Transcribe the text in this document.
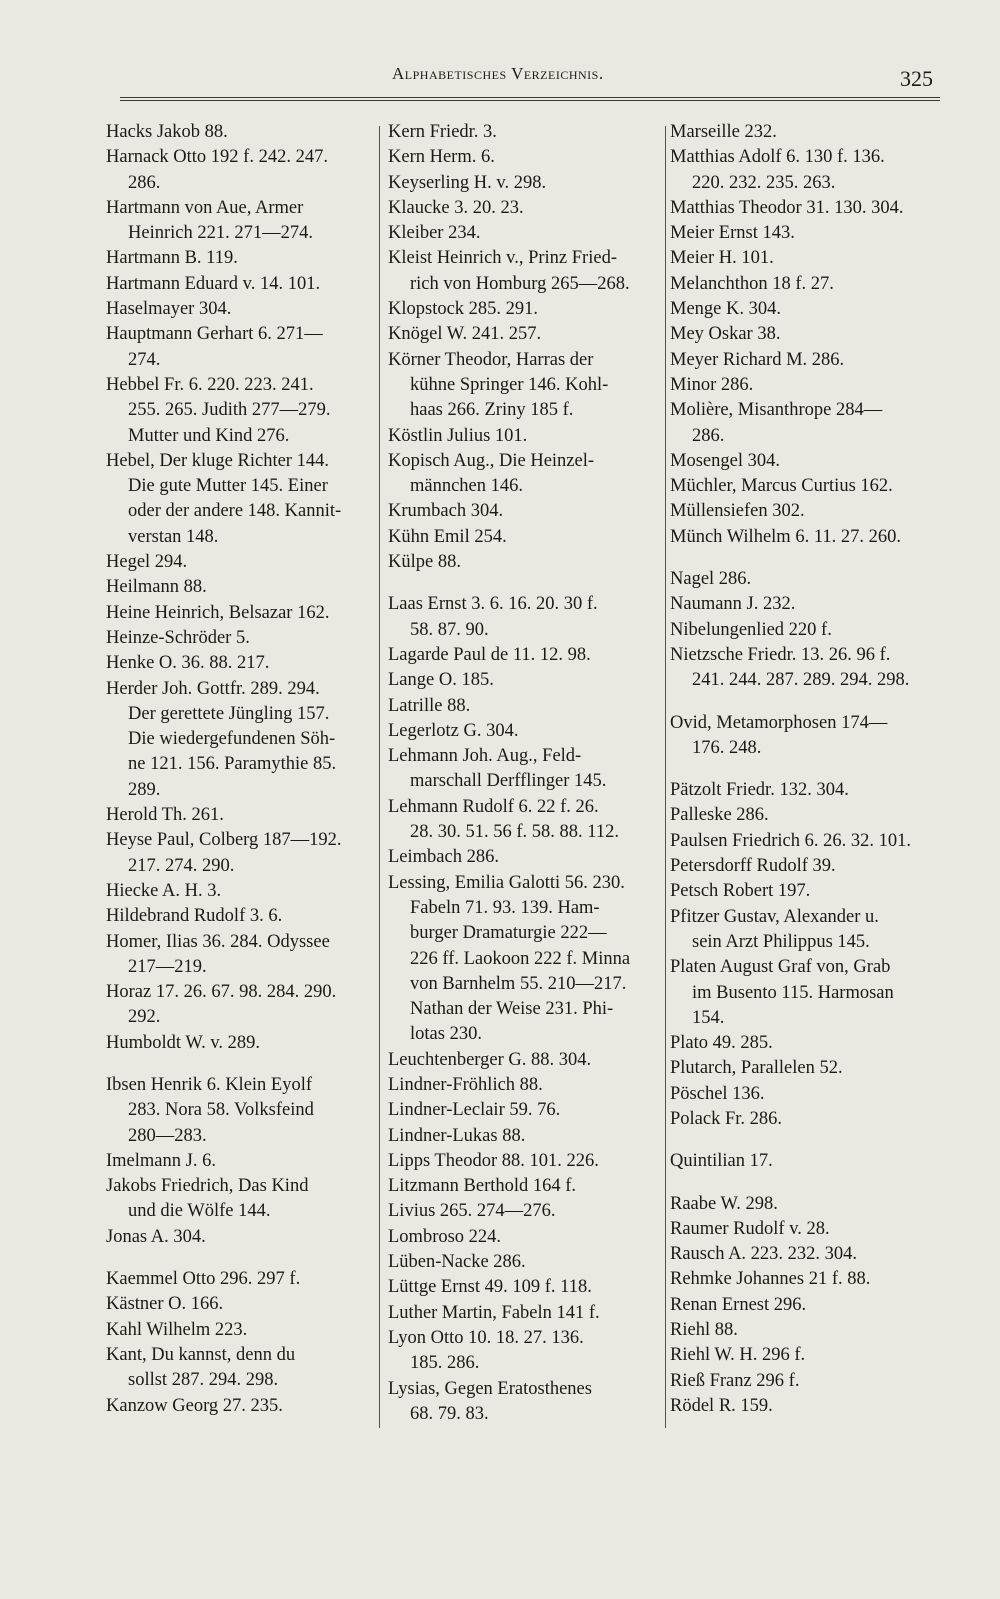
Alphabetisches Verzeichnis.	325
Hacks Jakob 88.
Harnack Otto 192 f. 242. 247.
286.
Hartmann von Aue, Armer
Heinrich 221. 271—274.
Hartmann B. 119.
Hartmann Eduard v. 14. 101.
Haselmayer 304.
Hauptmann Gerhart 6. 271—
274.
Hebbel Fr. 6. 220. 223. 241.
255. 265. Judith 277—279.
Mutter und Kind 276.
Hebel, Der kluge Richter 144.
Die gute Mutter 145. Einer
oder der andere 148. Kannit-
verstan 148.
Hegel 294.
Heilmann 88.
Heine Heinrich, Belsazar 162.
Heinze-Schröder 5.
Henke O. 36. 88. 217.
Herder Joh. Gottfr. 289. 294.
Der gerettete Jüngling 157.
Die wiedergefundenen Söh-
ne 121. 156. Paramythie 85.
289.
Herold Th. 261.
Heyse Paul, Colberg 187—192.
217. 274. 290.
Hiecke A. H. 3.
Hildebrand Rudolf 3. 6.
Homer, Ilias 36. 284. Odyssee
217—219.
Horaz 17. 26. 67. 98. 284. 290.
292.
Humboldt W. v. 289.
Ibsen Henrik 6. Klein Eyolf
283. Nora 58. Volksfeind
280—283.
Imelmann J. 6.
Jakobs Friedrich, Das Kind
und die Wölfe 144.
Jonas A. 304.
Kaemmel Otto 296. 297 f.
Kästner O. 166.
Kahl Wilhelm 223.
Kant, Du kannst, denn du
sollst 287. 294. 298.
Kanzow Georg 27. 235.
Kern Friedr. 3.
Kern Herm. 6.
Keyserling H. v. 298.
Klaucke 3. 20. 23.
Kleiber 234.
Kleist Heinrich v., Prinz Fried-
rich von Homburg 265—268.
Klopstock 285. 291.
Knögel W. 241. 257.
Körner Theodor, Harras der
kühne Springer 146. Kohl-
haas 266. Zriny 185 f.
Köstlin Julius 101.
Kopisch Aug., Die Heinzel-
männchen 146.
Krumbach 304.
Kühn Emil 254.
Külpe 88.
Laas Ernst 3. 6. 16. 20. 30 f.
58. 87. 90.
Lagarde Paul de 11. 12. 98.
Lange O. 185.
Latrille 88.
Legerlotz G. 304.
Lehmann Joh. Aug., Feld-
marschall Derfflinger 145.
Lehmann Rudolf 6. 22 f. 26.
28. 30. 51. 56 f. 58. 88. 112.
Leimbach 286.
Lessing, Emilia Galotti 56. 230.
Fabeln 71. 93. 139. Ham-
burger Dramaturgie 222—
226 ff. Laokoon 222 f. Minna
von Barnhelm 55. 210—217.
Nathan der Weise 231. Phi-
lotas 230.
Leuchtenberger G. 88. 304.
Lindner-Fröhlich 88.
Lindner-Leclair 59. 76.
Lindner-Lukas 88.
Lipps Theodor 88. 101. 226.
Litzmann Berthold 164 f.
Livius 265. 274—276.
Lombroso 224.
Lüben-Nacke 286.
Lüttge Ernst 49. 109 f. 118.
Luther Martin, Fabeln 141 f.
Lyon Otto 10. 18. 27. 136.
185. 286.
Lysias, Gegen Eratosthenes
68. 79. 83.
Marseille 232.
Matthias Adolf 6. 130 f. 136.
220. 232. 235. 263.
Matthias Theodor 31. 130. 304.
Meier Ernst 143.
Meier H. 101.
Melanchthon 18 f. 27.
Menge K. 304.
Mey Oskar 38.
Meyer Richard M. 286.
Minor 286.
Molière, Misanthrope 284—
286.
Mosengel 304.
Müchler, Marcus Curtius 162.
Müllensiefen 302.
Münch Wilhelm 6. 11. 27. 260.
Nagel 286.
Naumann J. 232.
Nibelungenlied 220 f.
Nietzsche Friedr. 13. 26. 96 f.
241. 244. 287. 289. 294. 298.
Ovid, Metamorphosen 174—
176. 248.
Pätzolt Friedr. 132. 304.
Palleske 286.
Paulsen Friedrich 6. 26. 32. 101.
Petersdorff Rudolf 39.
Petsch Robert 197.
Pfitzer Gustav, Alexander u.
sein Arzt Philippus 145.
Platen August Graf von, Grab
im Busento 115. Harmosan
154.
Plato 49. 285.
Plutarch, Parallelen 52.
Pöschel 136.
Polack Fr. 286.
Quintilian 17.
Raabe W. 298.
Raumer Rudolf v. 28.
Rausch A. 223. 232. 304.
Rehmke Johannes 21 f. 88.
Renan Ernest 296.
Riehl 88.
Riehl W. H. 296 f.
Rieß Franz 296 f.
Rödel R. 159.
